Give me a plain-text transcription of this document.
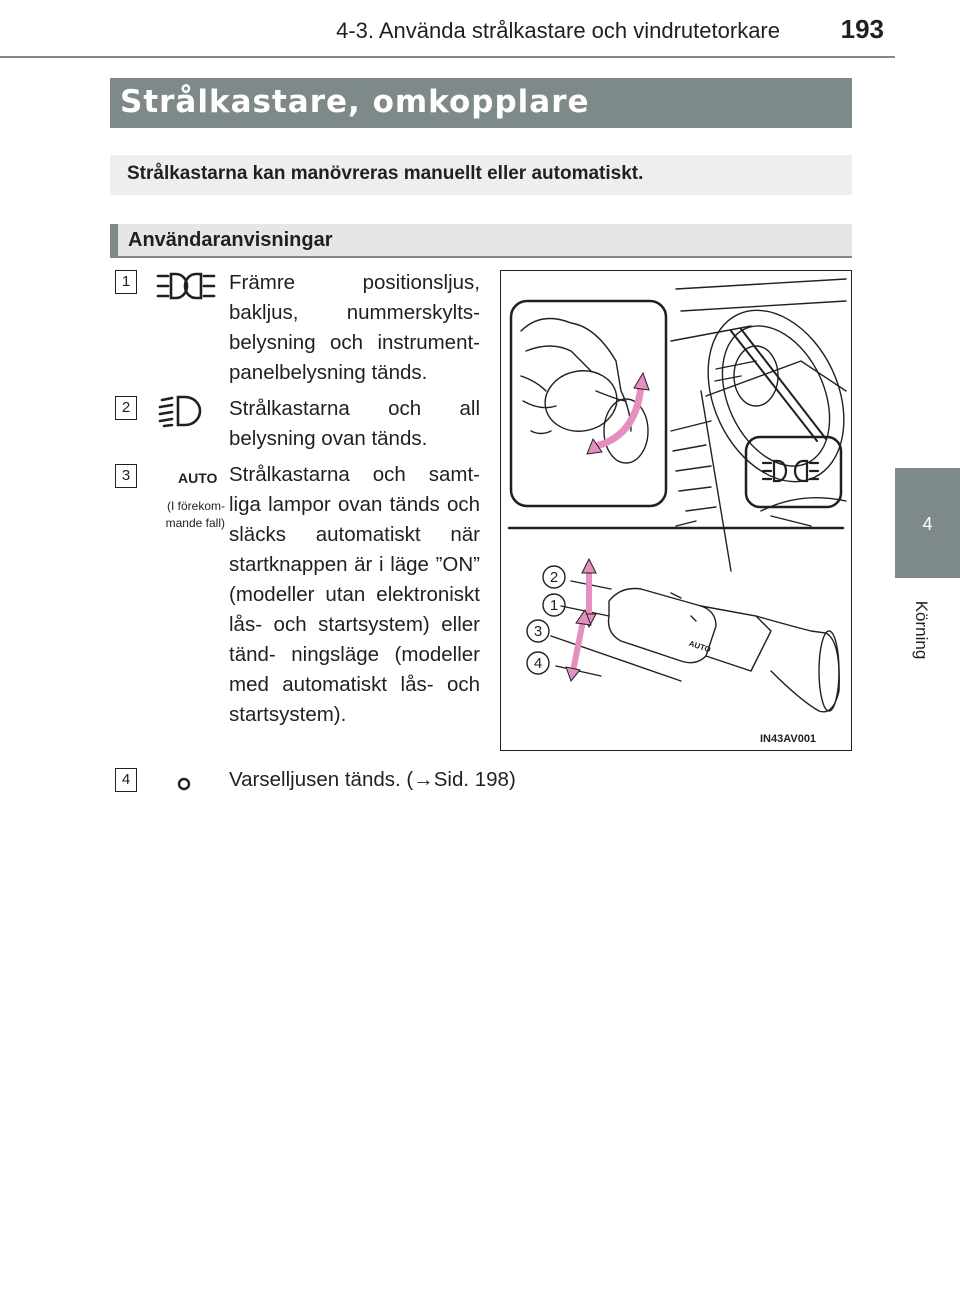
4-3. Använda strålkastare och vindrutetorkare	193
4
Körning
Strålkastare, omkopplare
Strålkastarna kan manövreras manuellt eller automatiskt.
Användaranvisningar
1	Främre positionsljus, bakljus, nummerskylts- belysning och instrument- panelbelysning tänds.
2	Strålkastarna och all belysning ovan tänds.
3	AUTO
(I förekom- mande fall)
Strålkastarna och samt- liga lampor ovan tänds och släcks automatiskt när startknappen är i läge ”ON” (modeller utan elektroniskt lås- och startsystem) eller tänd- ningsläge (modeller med automatiskt lås- och startsystem).
4	Varselljusen tänds. (→Sid. 198)
2
1
3
4
AUTO
IN43AV001
